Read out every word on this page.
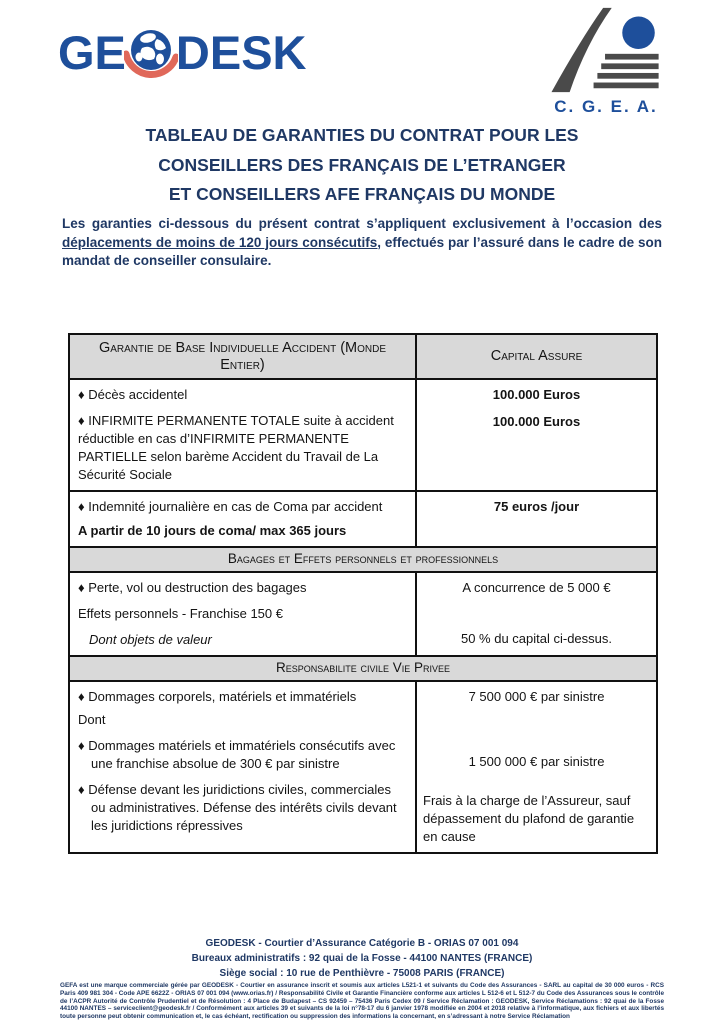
GE DESK
C. G. E. A.
TABLEAU DE GARANTIES DU CONTRAT POUR LES
CONSEILLERS DES FRANÇAIS DE L’ETRANGER
ET CONSEILLERS AFE FRANÇAIS DU MONDE
Les garanties ci-dessous du présent contrat s’appliquent exclusivement à l’occasion des déplacements de moins de 120 jours consécutifs, effectués par l’assuré dans le cadre de son mandat de conseiller consulaire.
Garantie de Base Individuelle Accident (Monde Entier)
Capital Assure
♦ Décès accidentel
♦ INFIRMITE PERMANENTE TOTALE suite à accident réductible en cas d’INFIRMITE PERMANENTE PARTIELLE selon barème Accident du Travail de La Sécurité Sociale
100.000 Euros
100.000 Euros
♦ Indemnité journalière en cas de Coma par accident
A partir de 10 jours de coma/ max 365 jours
75 euros /jour
Bagages et Effets personnels et professionnels
♦ Perte, vol ou destruction des bagages
Effets personnels - Franchise 150 €
Dont objets de valeur
A concurrence de 5 000 €
50 % du capital ci-dessus.
Responsabilite civile Vie Privee
♦ Dommages corporels, matériels et immatériels
Dont
♦ Dommages matériels et immatériels consécutifs avec une franchise absolue de 300 € par sinistre
♦ Défense devant les juridictions civiles, commerciales ou administratives. Défense des intérêts civils devant les juridictions répressives
7 500 000 € par sinistre
1 500 000 € par sinistre
Frais à la charge de l’Assureur, sauf dépassement du plafond de garantie en cause
GEODESK - Courtier d’Assurance Catégorie B - ORIAS 07 001 094
Bureaux administratifs : 92 quai de la Fosse - 44100 NANTES (FRANCE)
Siège social : 10 rue de Penthièvre - 75008 PARIS (FRANCE)
GEFA est une marque commerciale gérée par GEODESK - Courtier en assurance inscrit et soumis aux articles L521-1 et suivants du Code des Assurances - SARL au capital de 30 000 euros - RCS Paris 409 981 304 - Code APE 6622Z - ORIAS 07 001 094 (www.orias.fr) / Responsabilité Civile et Garantie Financière conforme aux articles L 512-6 et L 512-7 du Code des Assurances sous le contrôle de l’ACPR Autorité de Contrôle Prudentiel et de Résolution : 4 Place de Budapest – CS 92459 – 75436 Paris Cedex 09 / Service Réclamation : GEODESK, Service Réclamations : 92 quai de la Fosse 44100 NANTES – serviceclient@geodesk.fr / Conformément aux articles 39 et suivants de la loi n°78-17 du 6 janvier 1978 modifiée en 2004 et 2018 relative à l’informatique, aux fichiers et aux libertés toute personne peut obtenir communication et, le cas échéant, rectification ou suppression des informations la concernant, en s’adressant à notre Service Réclamation
